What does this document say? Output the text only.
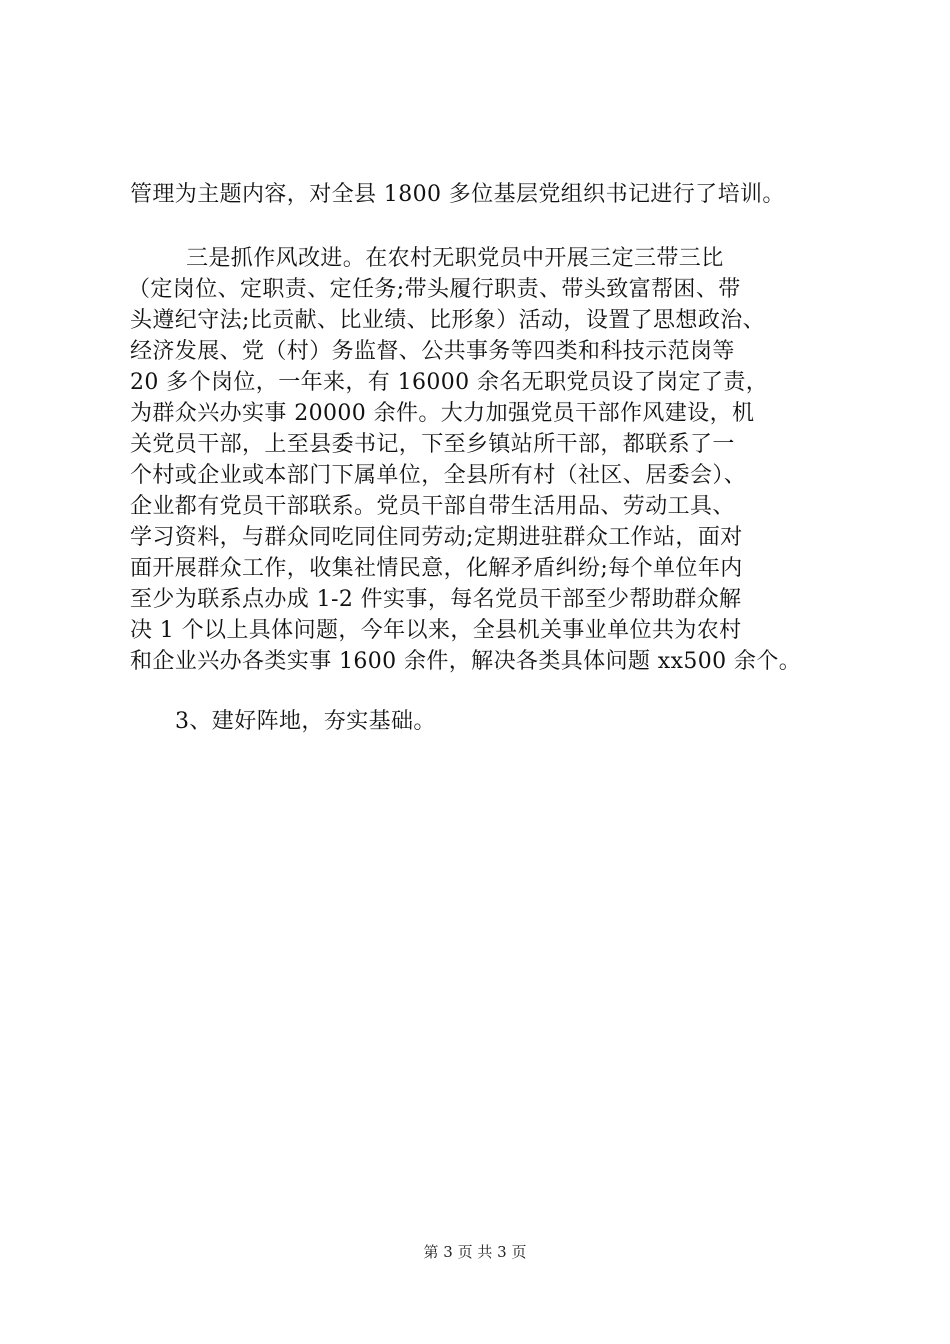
管理为主题内容，对全县 1800 多位基层党组织书记进行了培训。
三是抓作风改进。在农村无职党员中开展三定三带三比
（定岗位、定职责、定任务;带头履行职责、带头致富帮困、带
头遵纪守法;比贡献、比业绩、比形象）活动，设置了思想政治、
经济发展、党（村）务监督、公共事务等四类和科技示范岗等
20 多个岗位，一年来，有 16000 余名无职党员设了岗定了责，
为群众兴办实事 20000 余件。大力加强党员干部作风建设，机
关党员干部，上至县委书记，下至乡镇站所干部，都联系了一
个村或企业或本部门下属单位，全县所有村（社区、居委会）、
企业都有党员干部联系。党员干部自带生活用品、劳动工具、
学习资料，与群众同吃同住同劳动;定期进驻群众工作站，面对
面开展群众工作，收集社情民意，化解矛盾纠纷;每个单位年内
至少为联系点办成 1-2 件实事，每名党员干部至少帮助群众解
决 1 个以上具体问题，今年以来，全县机关事业单位共为农村
和企业兴办各类实事 1600 余件，解决各类具体问题 xx500 余个。
3、建好阵地，夯实基础。
第 3 页 共 3 页
